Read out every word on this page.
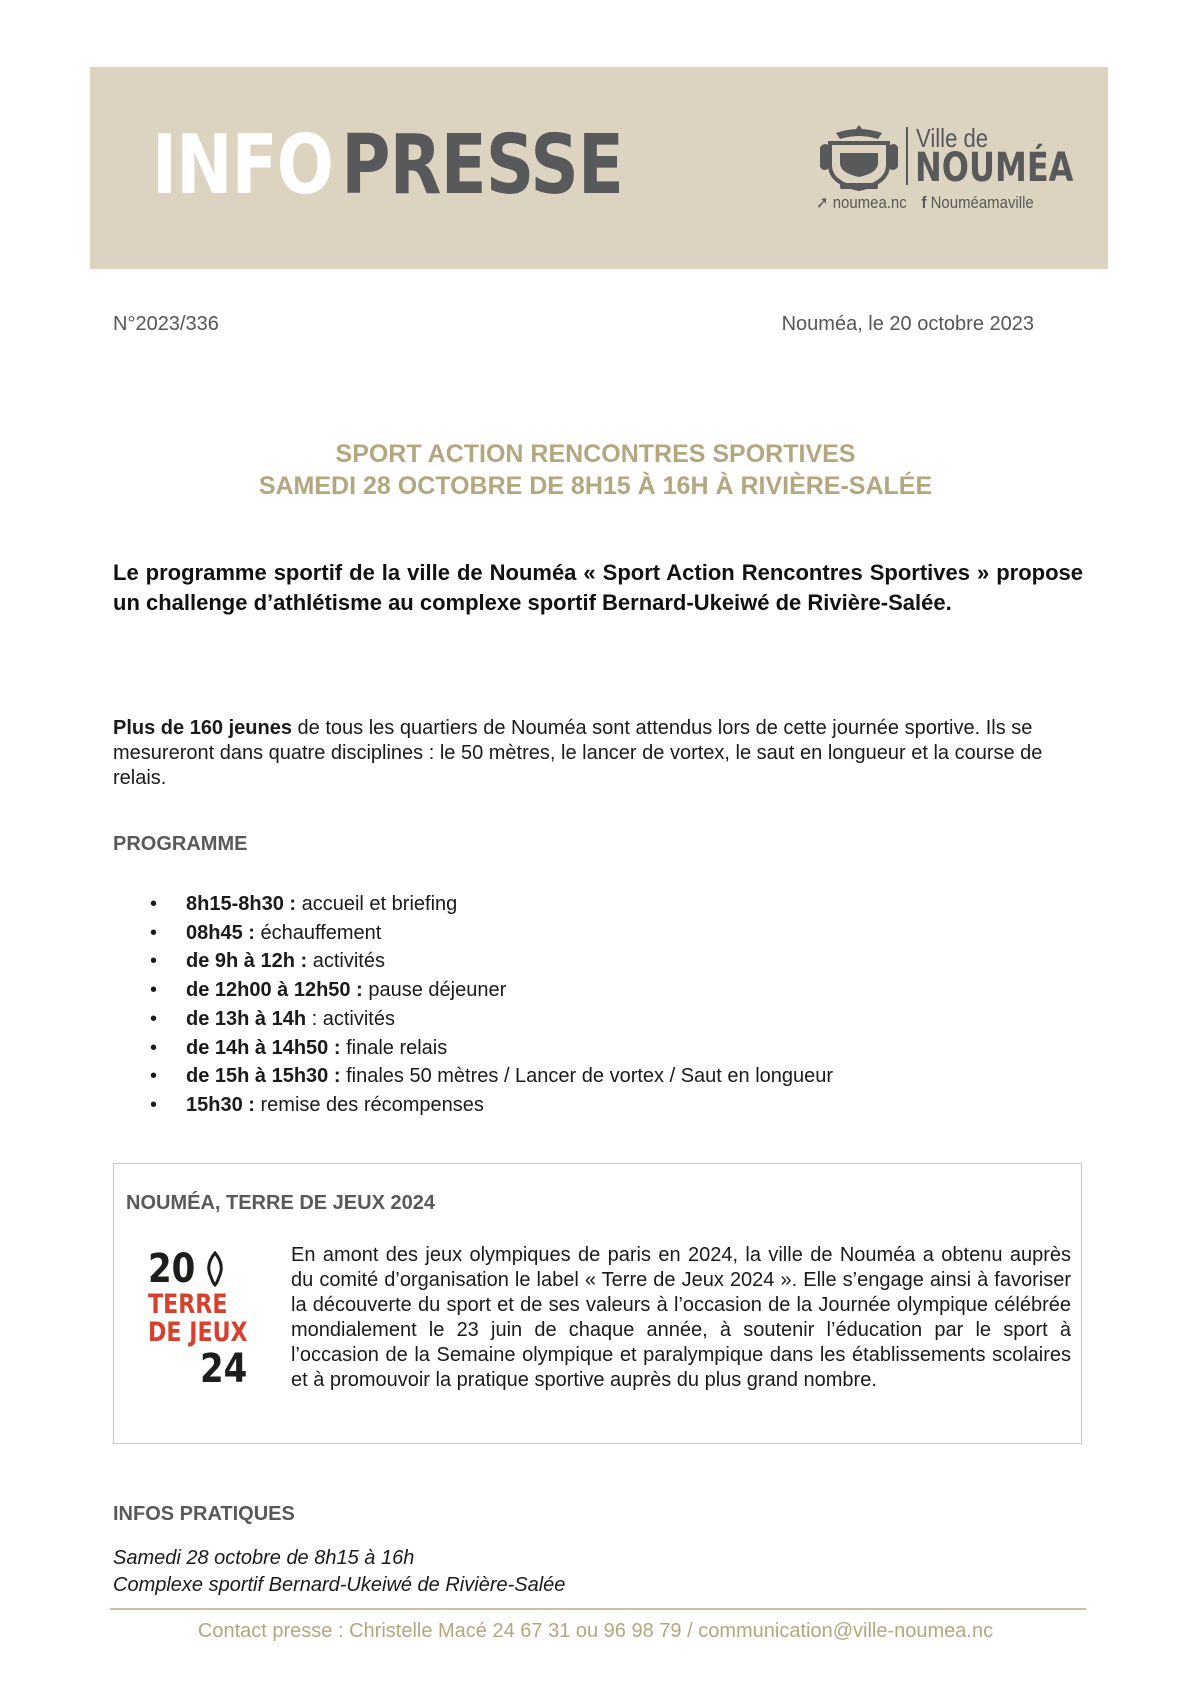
INFO PRESSE	Ville de
NOUMÉA
➚ noumea.nc f Nouméamaville
N°2023/336	Nouméa, le 20 octobre 2023
SPORT ACTION RENCONTRES SPORTIVES
SAMEDI 28 OCTOBRE DE 8H15 À 16H À RIVIÈRE-SALÉE

Le programme sportif de la ville de Nouméa « Sport Action Rencontres Sportives » propose un challenge d’athlétisme au complexe sportif Bernard-Ukeiwé de Rivière-Salée.

Plus de 160 jeunes de tous les quartiers de Nouméa sont attendus lors de cette journée sportive. Ils se mesureront dans quatre disciplines : le 50 mètres, le lancer de vortex, le saut en longueur et la course de relais.

PROGRAMME
• 8h15-8h30 : accueil et briefing
• 08h45 : échauffement
• de 9h à 12h : activités
• de 12h00 à 12h50 : pause déjeuner
• de 13h à 14h : activités
• de 14h à 14h50 : finale relais
• de 15h à 15h30 : finales 50 mètres / Lancer de vortex / Saut en longueur
• 15h30 : remise des récompenses
NOUMÉA, TERRE DE JEUX 2024
20
TERRE
DE JEUX
24

En amont des jeux olympiques de paris en 2024, la ville de Nouméa a obtenu auprès du comité d’organisation le label « Terre de Jeux 2024 ». Elle s’engage ainsi à favoriser la découverte du sport et de ses valeurs à l’occasion de la Journée olympique célébrée mondialement le 23 juin de chaque année, à soutenir l’éducation par le sport à l’occasion de la Semaine olympique et paralympique dans les établissements scolaires et à promouvoir la pratique sportive auprès du plus grand nombre.

INFOS PRATIQUES
Samedi 28 octobre de 8h15 à 16h
Complexe sportif Bernard-Ukeiwé de Rivière-Salée
Contact presse : Christelle Macé 24 67 31 ou 96 98 79 / communication@ville-noumea.nc
